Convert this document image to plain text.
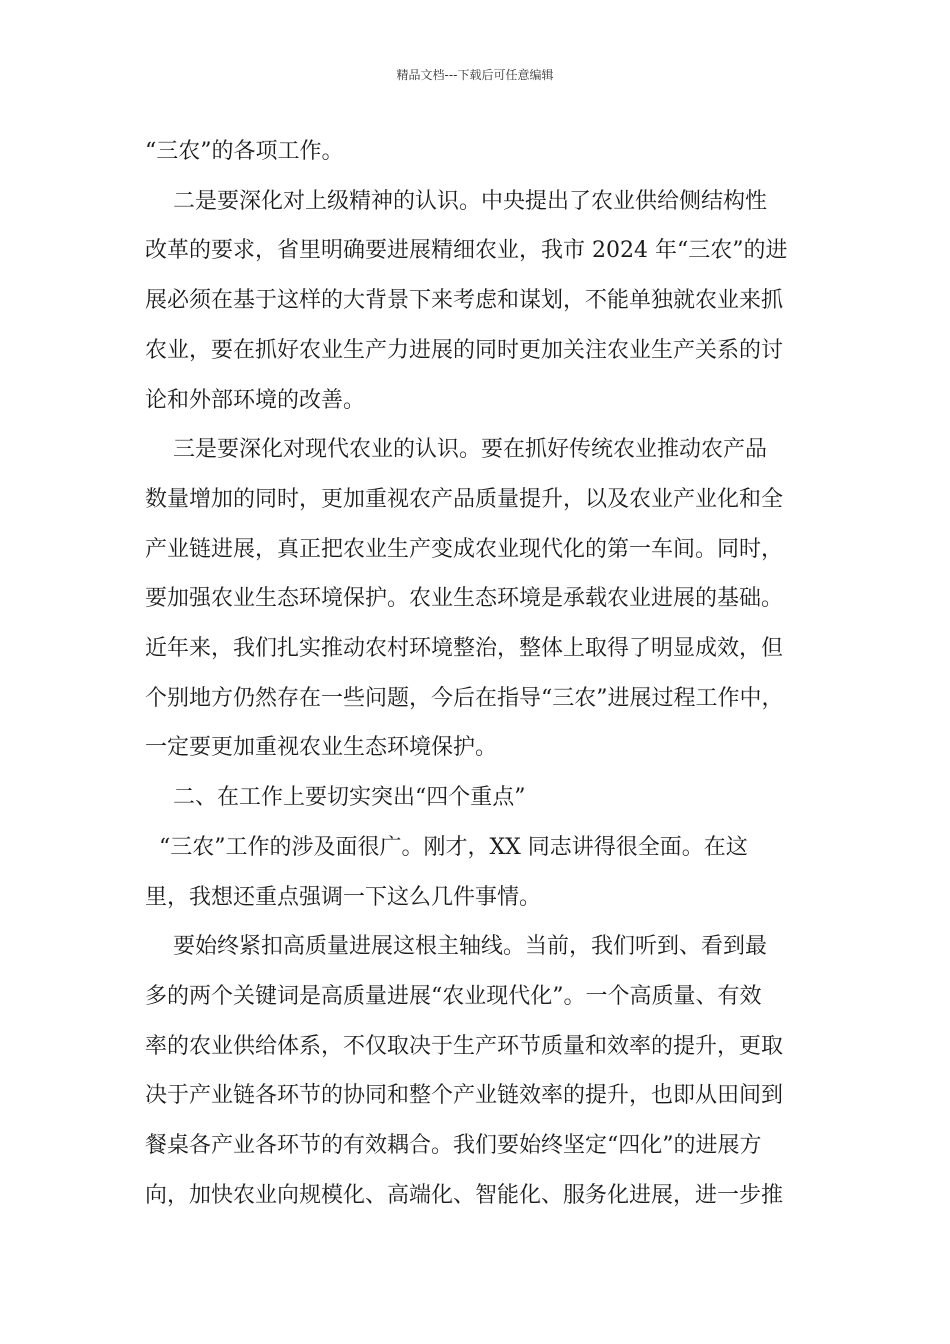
精品文档---下载后可任意编辑
“三农”的各项工作。
二是要深化对上级精神的认识。中央提出了农业供给侧结构性
改革的要求，省里明确要进展精细农业，我市 2024 年“三农”的进
展必须在基于这样的大背景下来考虑和谋划，不能单独就农业来抓
农业，要在抓好农业生产力进展的同时更加关注农业生产关系的讨
论和外部环境的改善。
三是要深化对现代农业的认识。要在抓好传统农业推动农产品
数量增加的同时，更加重视农产品质量提升，以及农业产业化和全
产业链进展，真正把农业生产变成农业现代化的第一车间。同时，
要加强农业生态环境保护。农业生态环境是承载农业进展的基础。
近年来，我们扎实推动农村环境整治，整体上取得了明显成效，但
个别地方仍然存在一些问题，今后在指导“三农”进展过程工作中，
一定要更加重视农业生态环境保护。
二、在工作上要切实突出“四个重点”
“三农”工作的涉及面很广。刚才，XX 同志讲得很全面。在这
里，我想还重点强调一下这么几件事情。
要始终紧扣高质量进展这根主轴线。当前，我们听到、看到最
多的两个关键词是高质量进展“农业现代化”。一个高质量、有效
率的农业供给体系，不仅取决于生产环节质量和效率的提升，更取
决于产业链各环节的协同和整个产业链效率的提升，也即从田间到
餐桌各产业各环节的有效耦合。我们要始终坚定“四化”的进展方
向，加快农业向规模化、高端化、智能化、服务化进展，进一步推
